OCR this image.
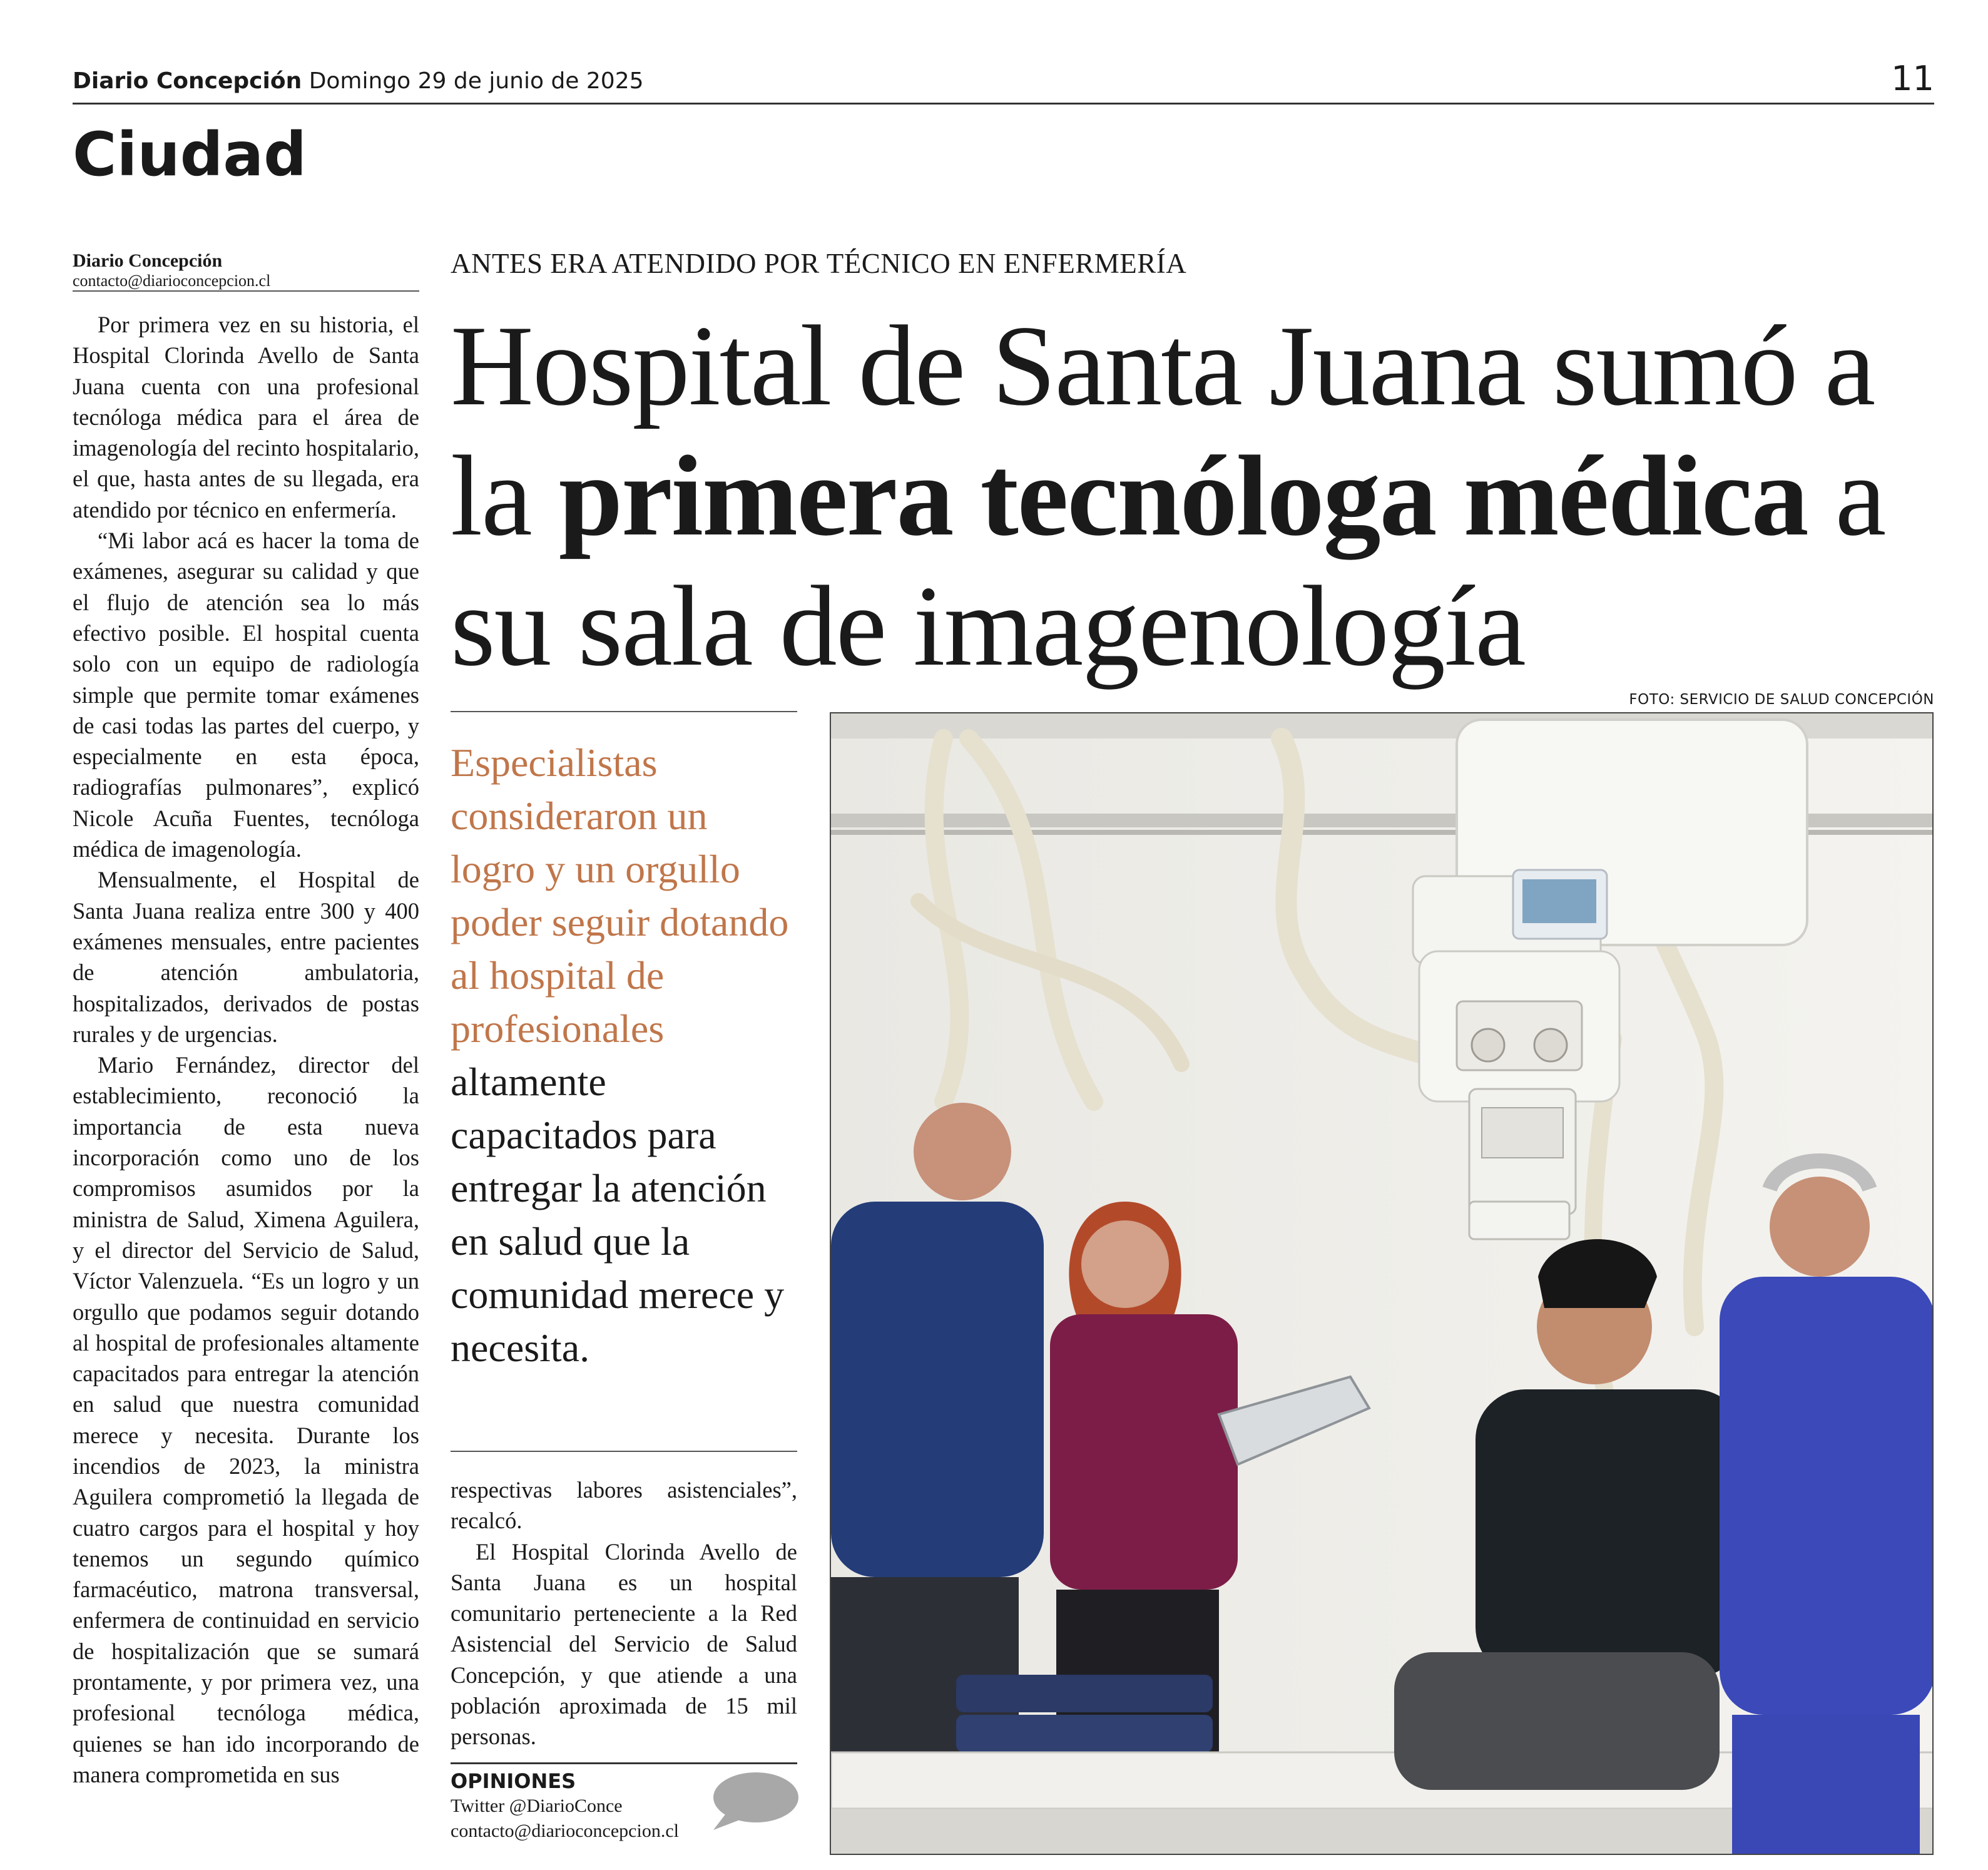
Diario Concepción Domingo 29 de junio de 2025	11
Ciudad
Diario Concepción
contacto@diarioconcepcion.cl

Por primera vez en su historia, el Hospital Clorinda Avello de Santa Juana cuenta con una profesional tecnóloga médica para el área de imagenología del recinto hospitalario, el que, hasta antes de su llegada, era atendido por técnico en enfermería.

“Mi labor acá es hacer la toma de exámenes, asegurar su calidad y que el flujo de atención sea lo más efectivo posible. El hospital cuenta solo con un equipo de radiología simple que permite tomar exámenes de casi todas las partes del cuerpo, y especialmente en esta época, radiografías pulmonares”, explicó Nicole Acuña Fuentes, tecnóloga médica de imagenología.

Mensualmente, el Hospital de Santa Juana realiza entre 300 y 400 exámenes mensuales, entre pacientes de atención ambulatoria, hospitalizados, derivados de postas rurales y de urgencias.

Mario Fernández, director del establecimiento, reconoció la importancia de esta nueva incorporación como uno de los compromisos asumidos por la ministra de Salud, Ximena Aguilera, y el director del Servicio de Salud, Víctor Valenzuela. “Es un logro y un orgullo que podamos seguir dotando al hospital de profesionales altamente capacitados para entregar la atención en salud que nuestra comunidad merece y necesita. Durante los incendios de 2023, la ministra Aguilera comprometió la llegada de cuatro cargos para el hospital y hoy tenemos un segundo químico farmacéutico, matrona transversal, enfermera de continuidad en servicio de hospitalización que se sumará prontamente, y por primera vez, una profesional tecnóloga médica, quienes se han ido incorporando de manera comprometida en sus

ANTES ERA ATENDIDO POR TÉCNICO EN ENFERMERÍA
Hospital de Santa Juana sumó a la primera tecnóloga médica a su sala de imagenología
Especialistas consideraron un logro y un orgullo poder seguir dotando al hospital de profesionales altamente capacitados para entregar la atención en salud que la comunidad merece y necesita.

respectivas labores asistenciales”, recalcó.

El Hospital Clorinda Avello de Santa Juana es un hospital comunitario perteneciente a la Red Asistencial del Servicio de Salud Concepción, y que atiende a una población aproximada de 15 mil personas.

OPINIONES
Twitter @DiarioConce
contacto@diarioconcepcion.cl
FOTO: SERVICIO DE SALUD CONCEPCIÓN
